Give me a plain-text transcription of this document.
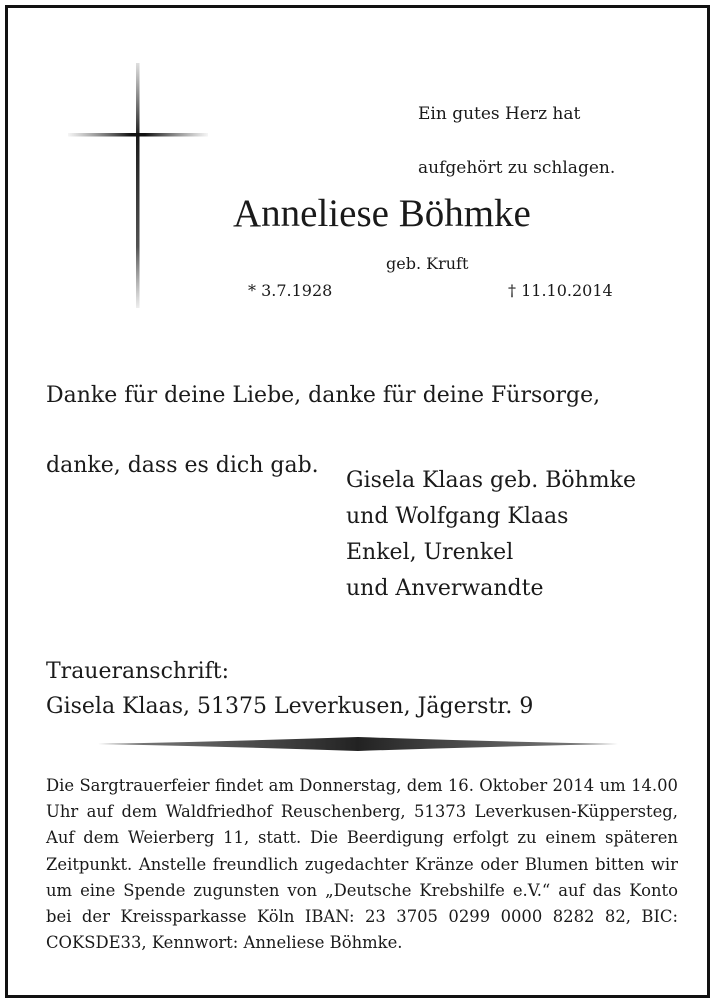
Ein gutes Herz hat

aufgehört zu schlagen.

Anneliese Böhmke
geb. Kruft
* 3.7.1928	† 11.10.2014

Danke für deine Liebe, danke für deine Fürsorge,

danke, dass es dich gab.

Gisela Klaas geb. Böhmke
und Wolfgang Klaas
Enkel, Urenkel
und Anverwandte
Traueranschrift:
Gisela Klaas, 51375 Leverkusen, Jägerstr. 9
Die Sargtrauerfeier findet am Donnerstag, dem 16. Oktober 2014 um 14.00 Uhr auf dem Waldfriedhof Reuschenberg, 51373 Leverkusen-Küppersteg, Auf dem Weierberg 11, statt. Die Beerdigung erfolgt zu einem späteren Zeitpunkt. Anstelle freundlich zugedachter Kränze oder Blumen bitten wir um eine Spende zugunsten von „Deutsche Krebshilfe e.V.“ auf das Konto bei der Kreissparkasse Köln IBAN: 23 3705 0299 0000 8282 82, BIC: COKSDE33, Kennwort: Anneliese Böhmke.
